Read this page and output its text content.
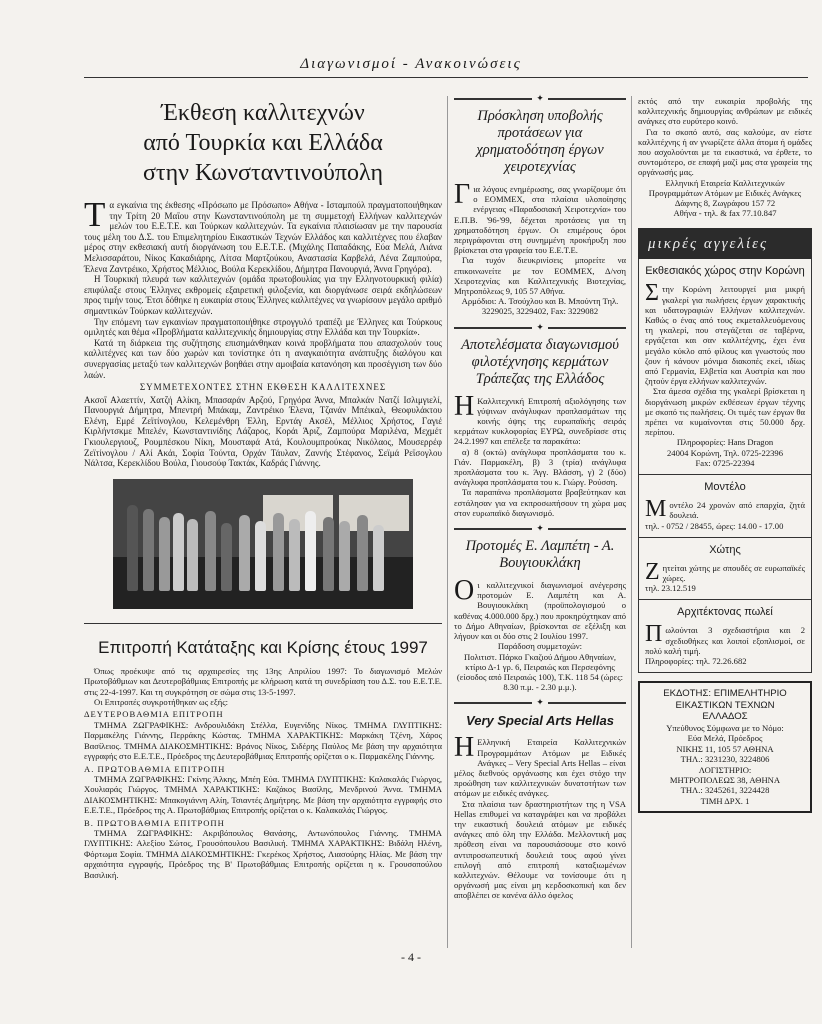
Διαγωνισμοί - Ανακοινώσεις
Έκθεση καλλιτεχνών
από Τουρκία και Ελλάδα
στην Κωνσταντινούπολη

Τα εγκαίνια της έκθεσης «Πρόσωπο με Πρόσωπο» Αθήνα - Ισταμπούλ πραγματοποιήθηκαν την Τρίτη 20 Μαΐου στην Κωνσταντινούπολη με τη συμμετοχή Ελλήνων καλλιτεχνών μελών του Ε.Ε.Τ.Ε. και Τούρκων καλλιτεχνών. Τα εγκαίνια πλαισίωσαν με την παρουσία τους μέλη του Δ.Σ. του Επιμελητηρίου Εικαστικών Τεχνών Ελλάδος και καλλιτέχνες που έλαβαν μέρος στην εκθεσιακή αυτή διοργάνωση του Ε.Ε.Τ.Ε. (Μιχάλης Παπαδάκης, Εύα Μελά, Λιάνα Μελισσαράτου, Νίκος Κακαδιάρης, Λίτσα Μαρτζούκου, Αναστασία Καρβελά, Λένα Ζαμπούρα, Έλενα Ζαντρέικο, Χρήστος Μέλλιος, Βούλα Κερεκλίδου, Δήμητρα Πανουργιά, Άννα Γρηγόρα).

Η Τουρκική πλευρά των καλλιτεχνών (ομάδα πρωτοβουλίας για την Ελληνοτουρκική φιλία) επιφύλαξε στους Έλληνες εκθρομείς εξαιρετική φιλοξενία, και διοργάνωσε σειρά εκδηλώσεων προς τιμήν τους. Έτσι δόθηκε η ευκαιρία στους Έλληνες καλλιτέχνες να γνωρίσουν μεγάλο αριθμό σημαντικών Τούρκων καλλιτεχνών.

Την επόμενη των εγκαινίων πραγματοποιήθηκε στρογγυλό τραπέζι με Έλληνες και Τούρκους ομιλητές και θέμα «Προβλήματα καλλιτεχνικής δημιουργίας στην Ελλάδα και την Τουρκία».

Κατά τη διάρκεια της συζήτησης επισημάνθηκαν κοινά προβλήματα που απασχολούν τους καλλιτέχνες και των δύο χωρών και τονίστηκε ότι η αναγκαιότητα ανάπτυξης διαλόγου και συνεργασίας μεταξύ των καλλιτεχνών βοηθάει στην αμοιβαία κατανόηση και προσέγγιση των δύο λαών.

ΣΥΜΜΕΤΕΧΟΝΤΕΣ ΣΤΗΝ ΕΚΘΕΣΗ ΚΑΛΛΙΤΕΧΝΕΣ

Ακσοΐ Αλαεττίν, Χατζή Αλίκη, Μπασαράν Αρζού, Γρηγόρα Άννα, Μπαλκάν Νατζί Ισλιμγιελί, Πανουργιά Δήμητρα, Μπεντρή Μπάκαμ, Ζαντρέικο Έλενα, Τζανάν Μπέικαλ, Θεοφυλάκτου Ελένη, Εμρέ Ζεϊτίνογλου, Κελεμένθρη Έλλη, Ερντάγ Ακσέλ, Μέλλιος Χρήστος, Γαγιέ Κιρλήντσκμε Μπελέν, Κωνσταντινίδης Λάζαρος, Κοράι Άριζ, Ζαμπούρα Μαριλένα, Μεχμέτ Γκιουλεργιουζ, Ρουμπέσκου Νίκη, Μουσταφά Ατά, Κουλουμπρούκας Νικόλαος, Μουσερρέφ Ζεϊτίνογλου / Αλί Ακάι, Σοφία Τούντα, Ορχάν Τάυλαν, Ζαννής Στέφανος, Σεϊμά Ρεϊσογλου Νάλτσα, Κερεκλίδου Βούλα, Γιουσούφ Τακτάκ, Καδράς Γιάννης.

Επιτροπή Κατάταξης και Κρίσης έτους 1997

Όπως προέκυψε από τις αρχαιρεσίες της 13ης Απριλίου 1997: Το διαγωνισμό Μελών Πρωτοβάθμιων και Δευτεροβάθμιας Επιτροπής με κλήρωση κατά τη συνεδρίαση του Δ.Σ. του Ε.Ε.Τ.Ε. στις 22-4-1997. Και τη συγκρότηση σε σώμα στις 13-5-1997.

Οι Επιτροπές συγκροτήθηκαν ως εξής:

ΔΕΥΤΕΡΟΒΑΘΜΙΑ ΕΠΙΤΡΟΠΗ

ΤΜΗΜΑ ΖΩΓΡΑΦΙΚΗΣ: Ανδρουλιδάκη Στέλλα, Ευγενίδης Νίκος. ΤΜΗΜΑ ΓΛΥΠΤΙΚΗΣ: Παρμακέλης Γιάννης, Περράκης Κώστας. ΤΜΗΜΑ ΧΑΡΑΚΤΙΚΗΣ: Μαρκάκη Τζένη, Χάρος Βασίλειος. ΤΜΗΜΑ ΔΙΑΚΟΣΜΗΤΙΚΗΣ: Βράνος Νίκος, Σιδέρης Παύλος Με βάση την αρχαιότητα εγγραφής στο Ε.Ε.Τ.Ε., Πρόεδρος της Δευτεροβάθμιας Επιτροπής ορίζεται ο κ. Παρμακέλης Γιάννης.

Α. ΠΡΩΤΟΒΑΘΜΙΑ ΕΠΙΤΡΟΠΗ

ΤΜΗΜΑ ΖΩΓΡΑΦΙΚΗΣ: Γκίνης Άλκης, Μπέη Εύα. ΤΜΗΜΑ ΓΛΥΠΤΙΚΗΣ: Καλακαλάς Γιώργος, Χουλιαράς Γιώργος. ΤΜΗΜΑ ΧΑΡΑΚΤΙΚΗΣ: Καζάκος Βασίλης, Μενδρινού Άννα. ΤΜΗΜΑ ΔΙΑΚΟΣΜΗΤΙΚΗΣ: Μπακογιάννη Αλίη, Τσιαντές Δημήτρης. Με βάση την αρχαιότητα εγγραφής στο Ε.Ε.Τ.Ε., Πρόεδρος της Α. Πρωτοβάθμιας Επιτροπής ορίζεται ο κ. Καλακαλάς Γιώργος.

Β. ΠΡΩΤΟΒΑΘΜΙΑ ΕΠΙΤΡΟΠΗ

ΤΜΗΜΑ ΖΩΓΡΑΦΙΚΗΣ: Ακριβόπουλος Θανάσης, Αντωνόπουλος Γιάννης. ΤΜΗΜΑ ΓΛΥΠΤΙΚΗΣ: Αλεξίου Σώτος, Γρουσόπουλου Βασιλική. ΤΜΗΜΑ ΧΑΡΑΚΤΙΚΗΣ: Βιδάλη Ηλένη, Φόρτωμα Σοφία. ΤΜΗΜΑ ΔΙΑΚΟΣΜΗΤΙΚΗΣ: Γκερέκος Χρήστος, Λιασούρης Ηλίας. Με βάση την αρχαιότητα εγγραφής, Πρόεδρος της Β' Πρωτοβάθμιας Επιτροπής ορίζεται η κ. Γρουσοπούλου Βασιλική.

✦
Πρόσκληση υποβολής προτάσεων για χρηματοδότηση έργων χειροτεχνίας

Για λόγους ενημέρωσης, σας γνωρίζουμε ότι ο ΕΟΜΜΕΧ, στα πλαίσια υλοποίησης ενέργειας «Παραδοσιακή Χειροτεχνία» του Ε.Π.Β. '96-'99, δέχεται προτάσεις για τη χρηματοδότηση έργων. Οι επιμέρους όροι περιγράφονται στη συνημμένη προκήρυξη που βρίσκεται στα γραφεία του Ε.Ε.Τ.Ε.

Για τυχόν διευκρινίσεις μπορείτε να επικοινωνείτε με τον ΕΟΜΜΕΧ, Δ/νση Χειροτεχνίας και Καλλιτεχνικής Βιοτεχνίας, Μητροπόλεως 9, 105 57 Αθήνα.

Αρμόδιοι: Α. Τσούχλου και Β. Μπούντη Τηλ. 3229025, 3229402, Fax: 3229082

✦
Αποτελέσματα διαγωνισμού φιλοτέχνησης κερμάτων Τράπεζας της Ελλάδος

Η Καλλιτεχνική Επιτροπή αξιολόγησης των γύψινων ανάγλυφων προπλασμάτων της κοινής όψης της ευρωπαϊκής σειράς κερμάτων κυκλοφορίας ΕΥΡΩ, συνεδρίασε στις 24.2.1997 και επέλεξε τα παρακάτω:

α) 8 (οκτώ) ανάγλυφα προπλάσματα του κ. Γιάν. Παρμακέλη, β) 3 (τρία) ανάγλυφα προπλάσματα του κ. Άγγ. Βλάσση, γ) 2 (δύο) ανάγλυφα προπλάσματα του κ. Γιώργ. Ρούσση.

Τα παραπάνω προπλάσματα βραβεύτηκαν και εστάλησαν για να εκπροσωπήσουν τη χώρα μας στον ευρωπαϊκό διαγωνισμό.

✦
Προτομές Ε. Λαμπέτη - Α. Βουγιουκλάκη

Οι καλλιτεχνικοί διαγωνισμοί ανέγερσης προτομών Ε. Λαμπέτη και Α. Βουγιουκλάκη (προϋπολογισμού ο καθένας 4.000.000 δρχ.) που προκηρύχτηκαν από το Δήμο Αθηναίων, βρίσκονται σε εξέλιξη και λήγουν και οι δύο στις 2 Ιουλίου 1997.

Παράδοση συμμετοχών:

Πολιτιστ. Πάρκο Γκαζιού Δήμου Αθηναίων, κτίριο Δ-1 γρ. 6, Πειραιώς και Περσεφόνης (είσοδος από Πειραιώς 100), Τ.Κ. 118 54 (ώρες: 8.30 π.μ. - 2.30 μ.μ.).

✦
Very Special Arts Hellas

Η Ελληνική Εταιρεία Καλλιτεχνικών Προγραμμάτων Ατόμων με Ειδικές Ανάγκες – Very Special Arts Hellas – είναι μέλος διεθνούς οργάνωσης και έχει στόχο την προώθηση των καλλιτεχνικών δυνατοτήτων των ατόμων με ειδικές ανάγκες.

Στα πλαίσια των δραστηριοτήτων της η VSA Hellas επιθυμεί να καταγράψει και να προβάλει την εικαστική δουλειά ατόμων με ειδικές ανάγκες από όλη την Ελλάδα. Μελλοντική μας πρόθεση είναι να παρουσιάσουμε στο κοινό αντιπροσωπευτική δουλειά τους αφού γίνει επιλογή από επιτροπή καταξιωμένων καλλιτεχνών. Θέλουμε να τονίσουμε ότι η οργάνωσή μας είναι μη κερδοσκοπική και δεν αποβλέπει σε κανένα άλλο όφελος

εκτός από την ευκαιρία προβολής της καλλιτεχνικής δημιουργίας ανθρώπων με ειδικές ανάγκες στο ευρύτερο κοινό.

Για το σκοπό αυτό, σας καλούμε, αν είστε καλλιτέχνης ή αν γνωρίζετε άλλα άτομα ή ομάδες που ασχολούνται με τα εικαστικά, να έρθετε, το συντομότερο, σε επαφή μαζί μας στα γραφεία της οργάνωσής μας.

Ελληνική Εταιρεία Καλλιτεχνικών Προγραμμάτων Ατόμων με Ειδικές Ανάγκες

Δάφνης 8, Ζωγράφου 157 72

Αθήνα - τηλ. & fax 77.10.847

μικρές αγγελίες
Εκθεσιακός χώρος στην Κορώνη
Στην Κορώνη λειτουργεί μια μικρή γκαλερί για πωλήσεις έργων χαρακτικής και υδατογραφιών Ελλήνων καλλιτεχνών. Καθώς ο ένας από τους εκμεταλλευόμενους τη γκαλερί, που στεγάζεται σε ταβέρνα, εργάζεται και σαν καλλιτέχνης, έχει ένα μεγάλο κύκλο από φίλους και γνωστούς που ζουν ή κάνουν μόνιμα διακοπές εκεί, ιδίως από Γερμανία, Ελβετία και Αυστρία και που ζητούν έργα ελλήνων καλλιτεχνών.

Στα άμεσα σχέδια της γκαλερί βρίσκεται η διοργάνωση μικρών εκθέσεων έργων τέχνης με σκοπό τις πωλήσεις. Οι τιμές των έργων θα πρέπει να κυμαίνονται στις 50.000 δρχ. περίπου.

Πληροφορίες: Hans Dragon

24004 Κορώνη, Τηλ. 0725-22396

Fax: 0725-22394

Μοντέλο
Μοντέλο 24 χρονών από επαρχία, ζητά δουλειά.

τηλ. - 0752 / 28455, ώρες: 14.00 - 17.00

Χώτης
Ζητείται χώτης με σπουδές σε ευρωπαϊκές χώρες.

τηλ. 23.12.519

Αρχιτέκτονας πωλεί
Πωλούνται 3 σχεδιαστήρια και 2 σχεδιοθήκες και λοιποί εξοπλισμοί, σε πολύ καλή τιμή.

Πληροφορίες: τηλ. 72.26.682

ΕΚΔΟΤΗΣ: ΕΠΙΜΕΛΗΤΗΡΙΟ
ΕΙΚΑΣΤΙΚΩΝ ΤΕΧΝΩΝ
ΕΛΛΑΔΟΣ
Υπεύθυνος Σύμφωνα με το Νόμο:
Εύα Μελά, Πρόεδρος
ΝΙΚΗΣ 11, 105 57 ΑΘΗΝΑ
ΤΗΛ.: 3231230, 3224806
ΛΟΓΙΣΤΗΡΙΟ:
ΜΗΤΡΟΠΟΛΕΩΣ 38, ΑΘΗΝΑ
ΤΗΛ.: 3245261, 3224428
ΤΙΜΗ ΔΡΧ. 1
- 4 -
